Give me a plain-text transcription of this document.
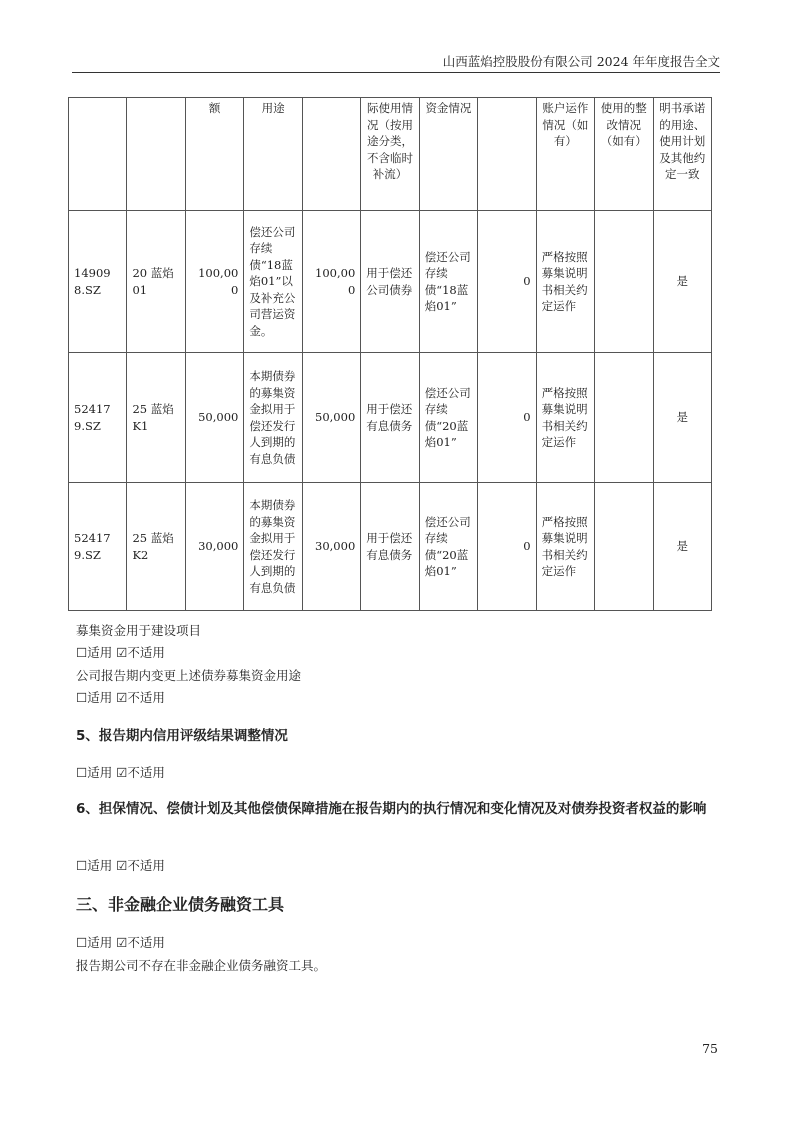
山西蓝焰控股股份有限公司 2024 年年度报告全文
		额	用途		际使用情况（按用途分类，不含临时补流）	资金情况		账户运作情况（如有）	使用的整改情况（如有）	明书承诺的用途、使用计划及其他约定一致
149098.SZ	20 蓝焰 01	100,000	偿还公司存续债“18蓝焰01”以及补充公司营运资金。	100,000	用于偿还公司债券	偿还公司存续债“18蓝焰01”	0	严格按照募集说明书相关约定运作		是
524179.SZ	25 蓝焰 K1	50,000	本期债券的募集资金拟用于偿还发行人到期的有息负债	50,000	用于偿还有息债务	偿还公司存续债“20蓝焰01”	0	严格按照募集说明书相关约定运作		是
524179.SZ	25 蓝焰 K2	30,000	本期债券的募集资金拟用于偿还发行人到期的有息负债	30,000	用于偿还有息债务	偿还公司存续债“20蓝焰01”	0	严格按照募集说明书相关约定运作		是
募集资金用于建设项目
☐适用 ☑不适用
公司报告期内变更上述债券募集资金用途
☐适用 ☑不适用
5、报告期内信用评级结果调整情况
☐适用 ☑不适用
6、担保情况、偿债计划及其他偿债保障措施在报告期内的执行情况和变化情况及对债券投资者权益的影响
☐适用 ☑不适用
三、非金融企业债务融资工具
☐适用 ☑不适用
报告期公司不存在非金融企业债务融资工具。
75
